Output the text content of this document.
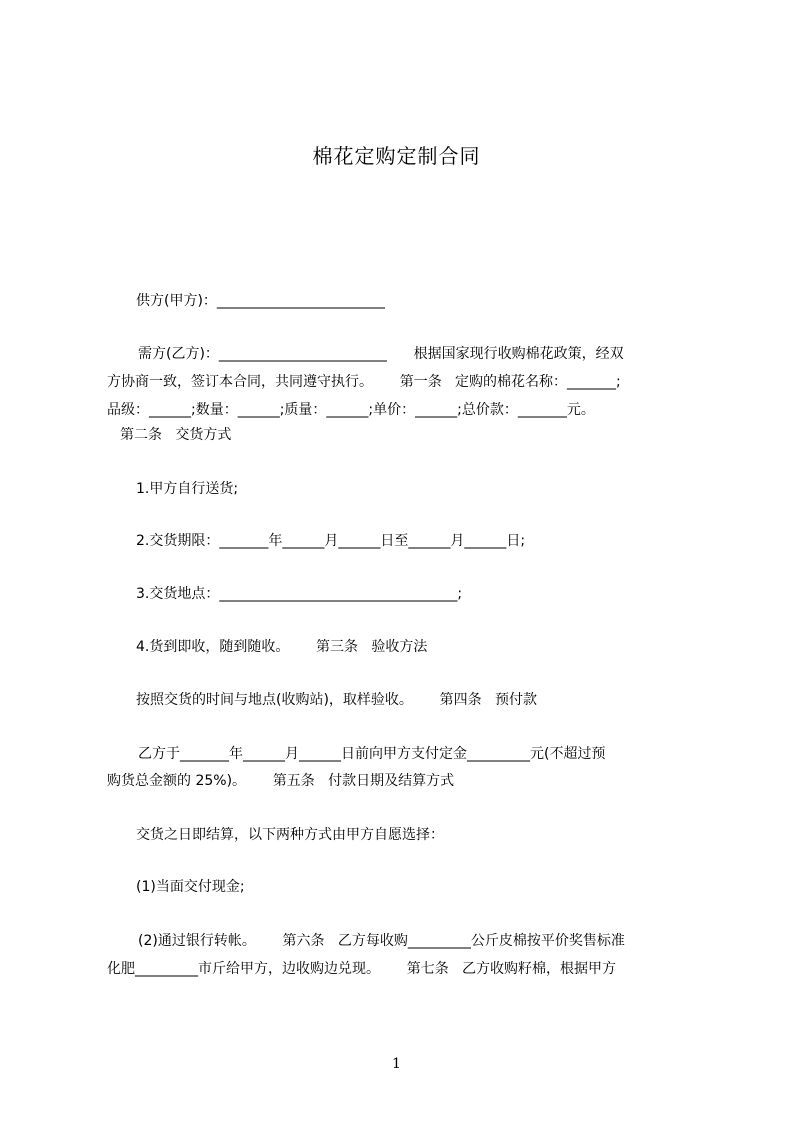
棉花定购定制合同
供方(甲方)：________________________
需方(乙方)：________________________      根据国家现行收购棉花政策，经双
方协商一致，签订本合同，共同遵守执行。      第一条   定购的棉花名称：_______;
品级：______;数量：______;质量：______;单价：______;总价款：_______元。
第二条   交货方式
1.甲方自行送货;
2.交货期限：_______年______月______日至______月______日;
3.交货地点：__________________________________;
4.货到即收，随到随收。      第三条   验收方法
按照交货的时间与地点(收购站)，取样验收。      第四条   预付款
乙方于_______年______月______日前向甲方支付定金_________元(不超过预
购货总金额的 25%)。      第五条   付款日期及结算方式
交货之日即结算，以下两种方式由甲方自愿选择：
(1)当面交付现金;
(2)通过银行转帐。      第六条   乙方每收购_________公斤皮棉按平价奖售标准
化肥_________市斤给甲方，边收购边兑现。      第七条   乙方收购籽棉，根据甲方
1
